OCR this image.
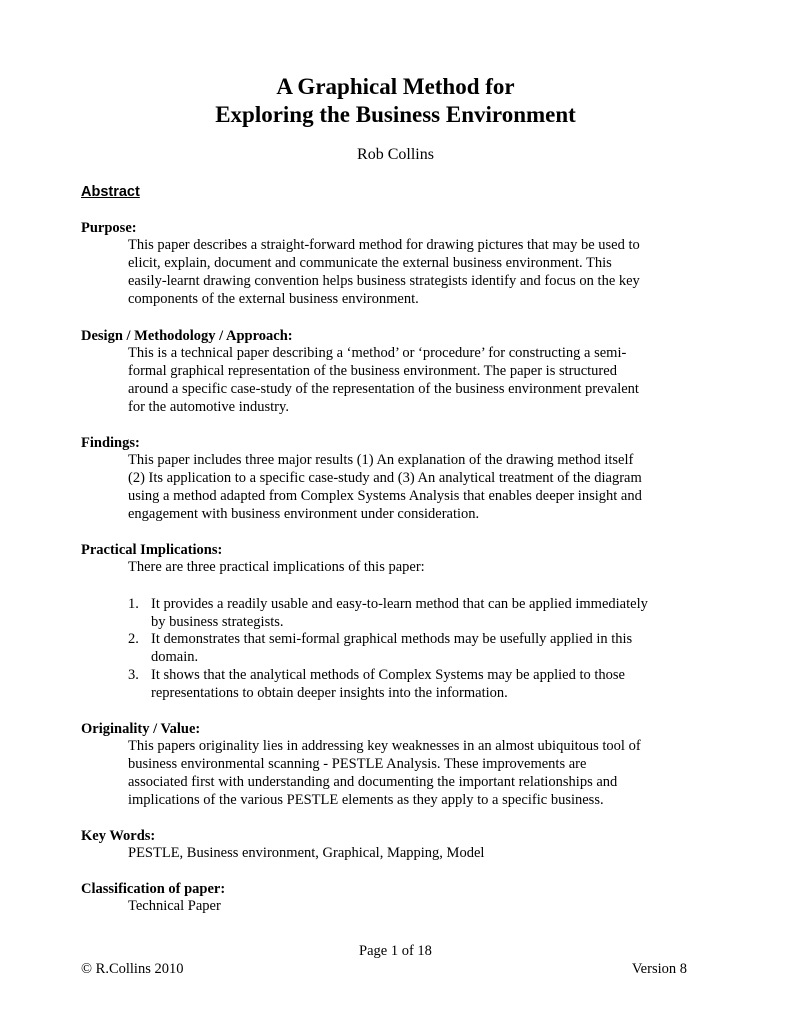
A Graphical Method for
Exploring the Business Environment
Rob Collins
Abstract
Purpose:
This paper describes a straight-forward method for drawing pictures that may be used to
elicit, explain, document and communicate the external business environment. This
easily-learnt drawing convention helps business strategists identify and focus on the key
components of the external business environment.
Design / Methodology / Approach:
This is a technical paper describing a ‘method’ or ‘procedure’ for constructing a semi-
formal graphical representation of the business environment. The paper is structured
around a specific case-study of the representation of the business environment prevalent
for the automotive industry.
Findings:
This paper includes three major results (1) An explanation of the drawing method itself
(2) Its application to a specific case-study and (3) An analytical treatment of the diagram
using a method adapted from Complex Systems Analysis that enables deeper insight and
engagement with business environment under consideration.
Practical Implications:
There are three practical implications of this paper:
1. It provides a readily usable and easy-to-learn method that can be applied immediately
by business strategists.
2. It demonstrates that semi-formal graphical methods may be usefully applied in this
domain.
3. It shows that the analytical methods of Complex Systems may be applied to those
representations to obtain deeper insights into the information.
Originality / Value:
This papers originality lies in addressing key weaknesses in an almost ubiquitous tool of
business environmental scanning - PESTLE Analysis. These improvements are
associated first with understanding and documenting the important relationships and
implications of the various PESTLE elements as they apply to a specific business.
Key Words:
PESTLE, Business environment, Graphical, Mapping, Model
Classification of paper:
Technical Paper
Page 1 of 18
© R.Collins 2010	Version 8
